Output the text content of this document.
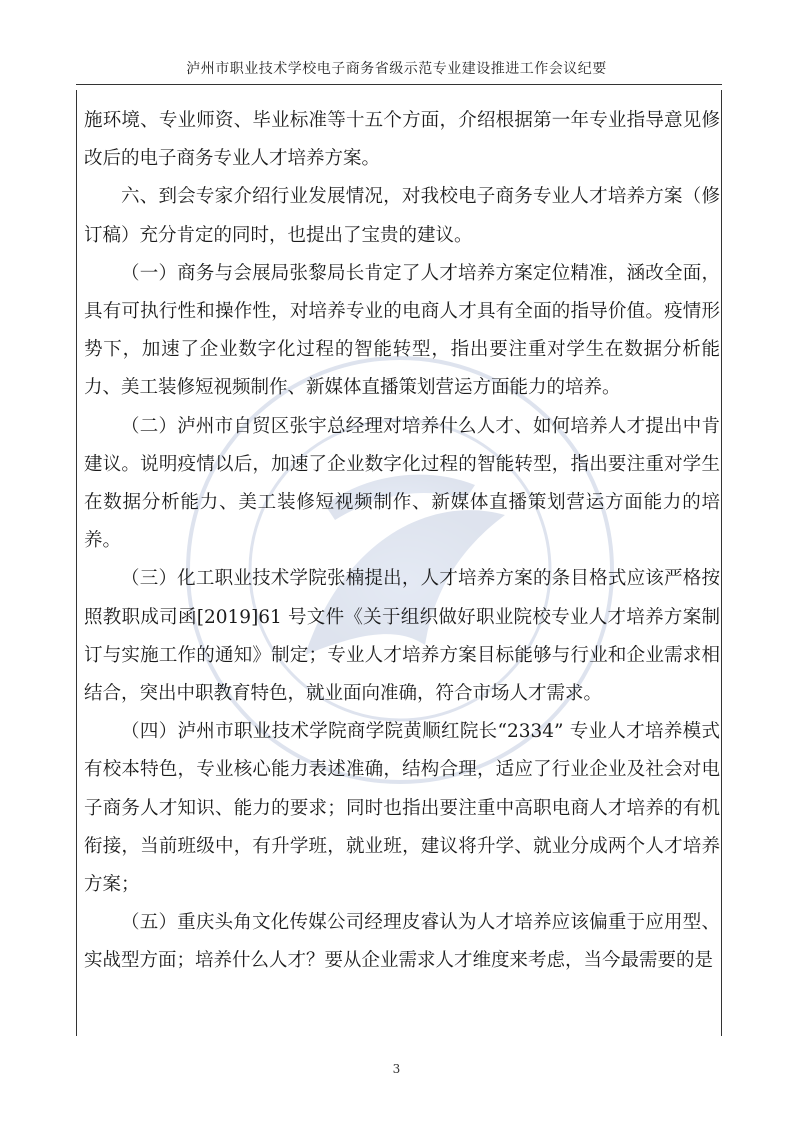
泸州市职业技术学校电子商务省级示范专业建设推进工作会议纪要

施环境、专业师资、毕业标准等十五个方面，介绍根据第一年专业指导意见修改后的电子商务专业人才培养方案。

六、到会专家介绍行业发展情况，对我校电子商务专业人才培养方案（修订稿）充分肯定的同时，也提出了宝贵的建议。

（一）商务与会展局张黎局长肯定了人才培养方案定位精准，涵改全面，具有可执行性和操作性，对培养专业的电商人才具有全面的指导价值。疫情形势下，加速了企业数字化过程的智能转型，指出要注重对学生在数据分析能力、美工装修短视频制作、新媒体直播策划营运方面能力的培养。

（二）泸州市自贸区张宇总经理对培养什么人才、如何培养人才提出中肯建议。说明疫情以后，加速了企业数字化过程的智能转型，指出要注重对学生在数据分析能力、美工装修短视频制作、新媒体直播策划营运方面能力的培养。

（三）化工职业技术学院张楠提出，人才培养方案的条目格式应该严格按照教职成司函[2019]61 号文件《关于组织做好职业院校专业人才培养方案制订与实施工作的通知》制定；专业人才培养方案目标能够与行业和企业需求相结合，突出中职教育特色，就业面向准确，符合市场人才需求。

（四）泸州市职业技术学院商学院黄顺红院长“2334” 专业人才培养模式有校本特色，专业核心能力表述准确，结构合理，适应了行业企业及社会对电子商务人才知识、能力的要求；同时也指出要注重中高职电商人才培养的有机衔接，当前班级中，有升学班，就业班，建议将升学、就业分成两个人才培养方案；

（五）重庆头角文化传媒公司经理皮睿认为人才培养应该偏重于应用型、实战型方面；培养什么人才？要从企业需求人才维度来考虑，当今最需要的是

3
